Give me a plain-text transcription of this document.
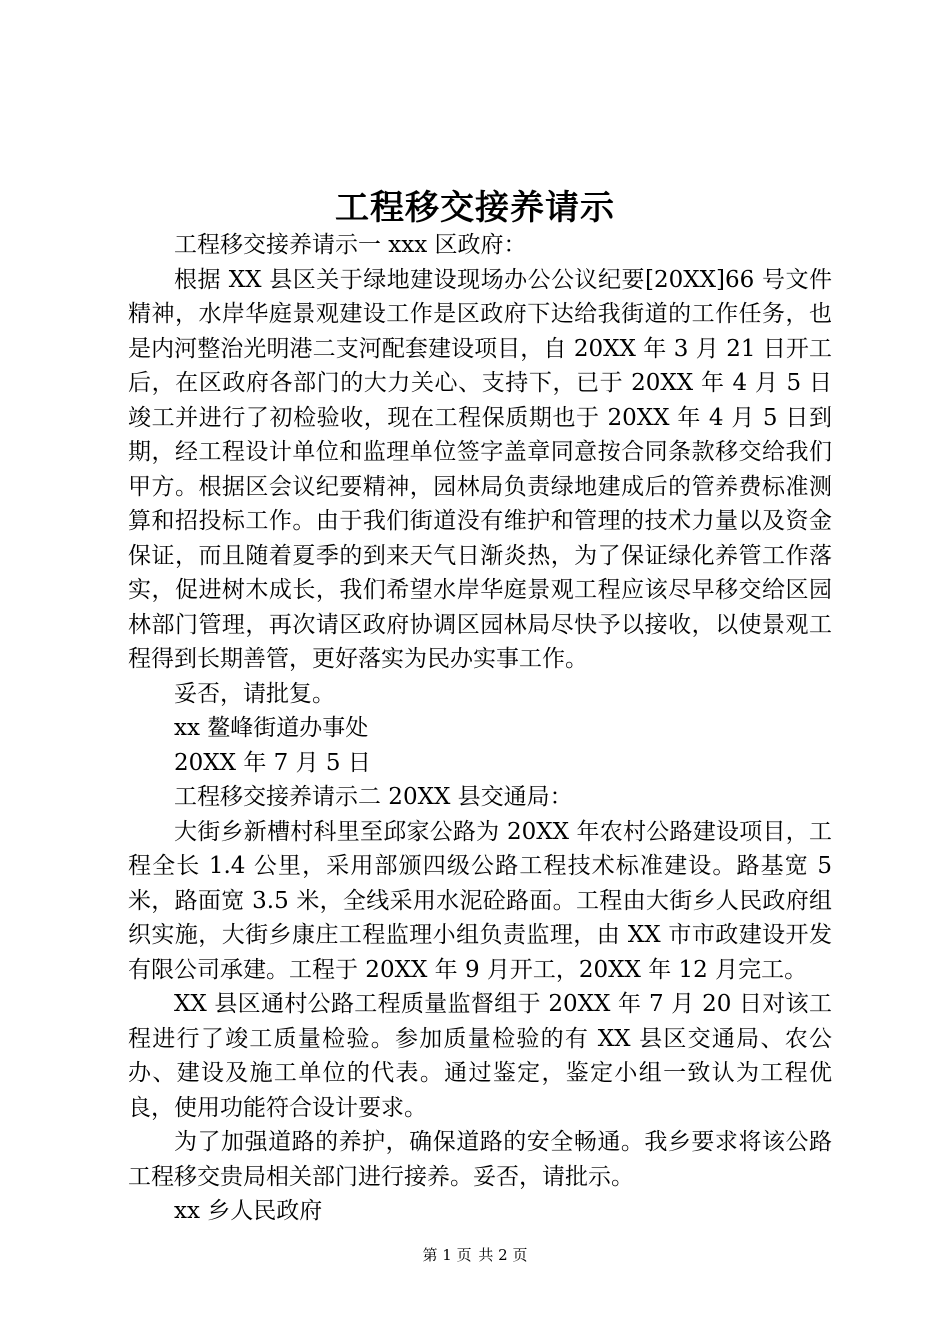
工程移交接养请示

工程移交接养请示一 xxx 区政府：

根据 XX 县区关于绿地建设现场办公公议纪要[20XX]66 号文件精神，水岸华庭景观建设工作是区政府下达给我街道的工作任务，也是内河整治光明港二支河配套建设项目，自 20XX 年 3 月 21 日开工后，在区政府各部门的大力关心、支持下，已于 20XX 年 4 月 5 日竣工并进行了初检验收，现在工程保质期也于 20XX 年 4 月 5 日到期，经工程设计单位和监理单位签字盖章同意按合同条款移交给我们甲方。根据区会议纪要精神，园林局负责绿地建成后的管养费标准测算和招投标工作。由于我们街道没有维护和管理的技术力量以及资金保证，而且随着夏季的到来天气日渐炎热，为了保证绿化养管工作落实，促进树木成长，我们希望水岸华庭景观工程应该尽早移交给区园林部门管理，再次请区政府协调区园林局尽快予以接收，以使景观工程得到长期善管，更好落实为民办实事工作。

妥否，请批复。

xx 鳌峰街道办事处

20XX 年 7 月 5 日

工程移交接养请示二 20XX 县交通局：

大街乡新槽村科里至邱家公路为 20XX 年农村公路建设项目，工程全长 1.4 公里，采用部颁四级公路工程技术标准建设。路基宽 5 米，路面宽 3.5 米，全线采用水泥砼路面。工程由大街乡人民政府组织实施，大街乡康庄工程监理小组负责监理，由 XX 市市政建设开发有限公司承建。工程于 20XX 年 9 月开工，20XX 年 12 月完工。

XX 县区通村公路工程质量监督组于 20XX 年 7 月 20 日对该工程进行了竣工质量检验。参加质量检验的有 XX 县区交通局、农公办、建设及施工单位的代表。通过鉴定，鉴定小组一致认为工程优良，使用功能符合设计要求。

为了加强道路的养护，确保道路的安全畅通。我乡要求将该公路工程移交贵局相关部门进行接养。妥否，请批示。

xx 乡人民政府

第 1 页 共 2 页
